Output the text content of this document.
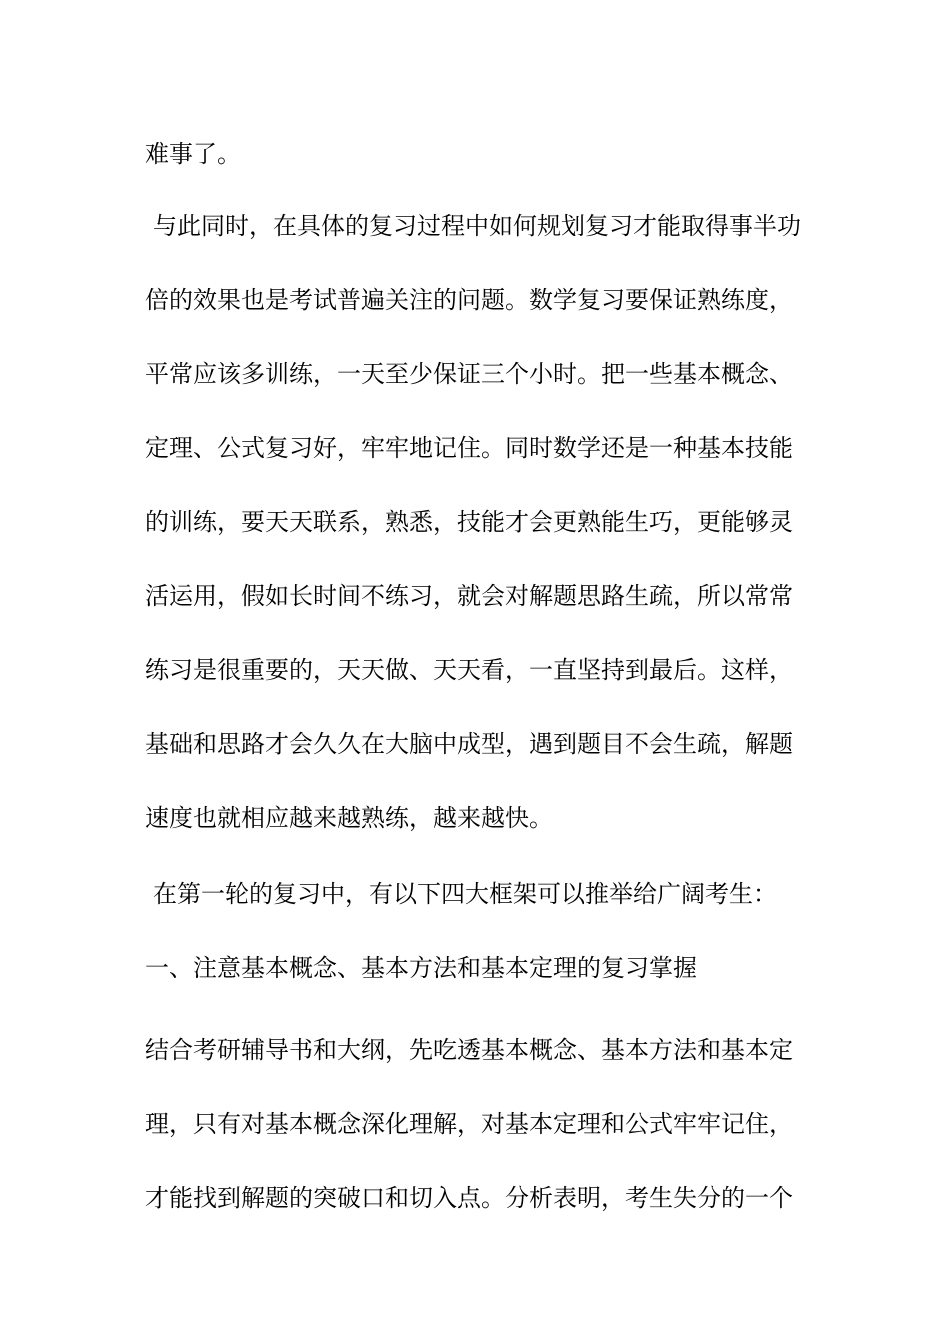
难事了。

与此同时，在具体的复习过程中如何规划复习才能取得事半功

倍的效果也是考试普遍关注的问题。数学复习要保证熟练度，

平常应该多训练，一天至少保证三个小时。把一些基本概念、

定理、公式复习好，牢牢地记住。同时数学还是一种基本技能

的训练，要天天联系，熟悉，技能才会更熟能生巧，更能够灵

活运用，假如长时间不练习，就会对解题思路生疏，所以常常

练习是很重要的，天天做、天天看，一直坚持到最后。这样，

基础和思路才会久久在大脑中成型，遇到题目不会生疏，解题

速度也就相应越来越熟练，越来越快。

在第一轮的复习中，有以下四大框架可以推举给广阔考生：

一、注意基本概念、基本方法和基本定理的复习掌握

结合考研辅导书和大纲，先吃透基本概念、基本方法和基本定

理，只有对基本概念深化理解，对基本定理和公式牢牢记住，

才能找到解题的突破口和切入点。分析表明，考生失分的一个
